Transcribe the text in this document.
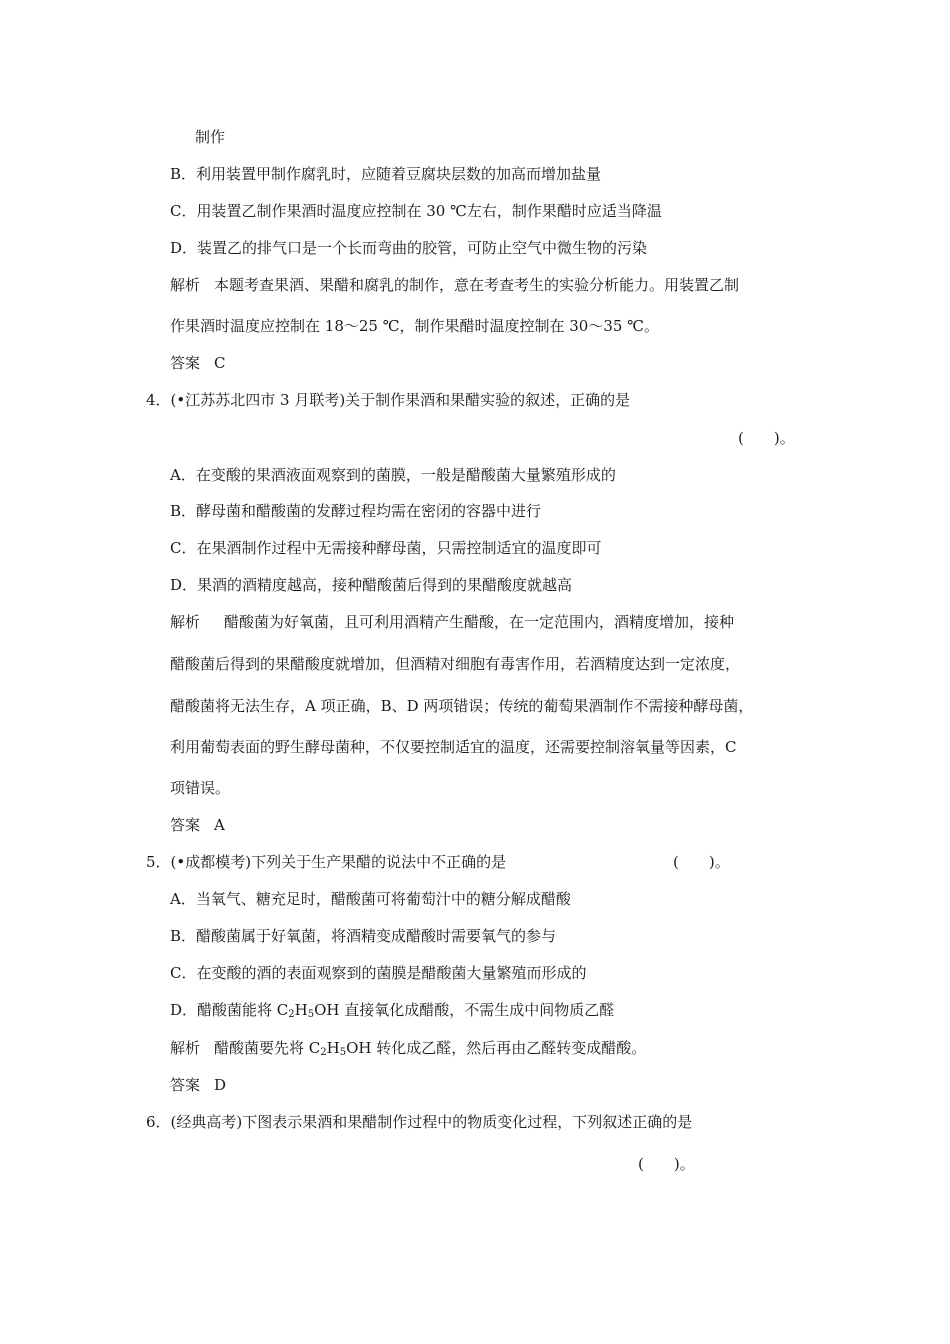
制作
B．利用装置甲制作腐乳时，应随着豆腐块层数的加高而增加盐量
C．用装置乙制作果酒时温度应控制在 30 ℃左右，制作果醋时应适当降温
D．装置乙的排气口是一个长而弯曲的胶管，可防止空气中微生物的污染
解析 本题考查果酒、果醋和腐乳的制作，意在考查考生的实验分析能力。用装置乙制
作果酒时温度应控制在 18～25 ℃，制作果醋时温度控制在 30～35 ℃。
答案 C
4．(•江苏苏北四市 3 月联考)关于制作果酒和果醋实验的叙述，正确的是
(　　)。
A．在变酸的果酒液面观察到的菌膜，一般是醋酸菌大量繁殖形成的
B．酵母菌和醋酸菌的发酵过程均需在密闭的容器中进行
C．在果酒制作过程中无需接种酵母菌，只需控制适宜的温度即可
D．果酒的酒精度越高，接种醋酸菌后得到的果醋酸度就越高
解析 醋酸菌为好氧菌，且可利用酒精产生醋酸，在一定范围内，酒精度增加，接种
醋酸菌后得到的果醋酸度就增加，但酒精对细胞有毒害作用，若酒精度达到一定浓度，
醋酸菌将无法生存，A 项正确，B、D 两项错误；传统的葡萄果酒制作不需接种酵母菌，
利用葡萄表面的野生酵母菌种，不仅要控制适宜的温度，还需要控制溶氧量等因素，C
项错误。
答案 A
5．(•成都模考)下列关于生产果醋的说法中不正确的是	(　　)。
A．当氧气、糖充足时，醋酸菌可将葡萄汁中的糖分解成醋酸
B．醋酸菌属于好氧菌，将酒精变成醋酸时需要氧气的参与
C．在变酸的酒的表面观察到的菌膜是醋酸菌大量繁殖而形成的
D．醋酸菌能将 $C_2H_5OH$ 直接氧化成醋酸，不需生成中间物质乙醛
解析 醋酸菌要先将 $C_2H_5OH$ 转化成乙醛，然后再由乙醛转变成醋酸。
答案 D
6．(经典高考)下图表示果酒和果醋制作过程中的物质变化过程，下列叙述正确的是
(　　)。
